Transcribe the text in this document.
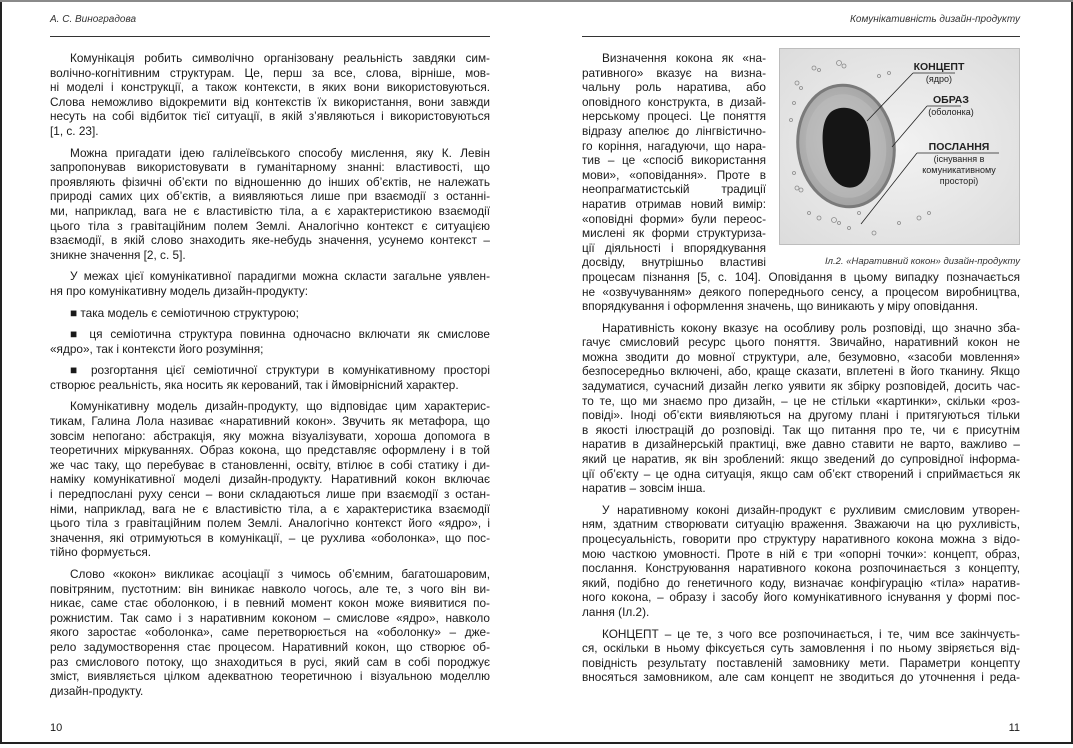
А. С. Виноградова
Комунікація робить символічно організовану реальність завдяки сим-
волічно-когнітивним структурам. Це, перш за все, слова, вірніше, мов-
ні моделі і конструкції, а також контексти, в яких вони використовуються.
Слова неможливо відокремити від контекстів їх використання, вони завжди
несуть на собі відбиток тієї ситуації, в якій з’являються і використовуються
[1, с. 23].
Можна пригадати ідею галілеївського способу мислення, яку К. Левін
запропонував використовувати в гуманітарному знанні: властивості, що
проявляють фізичні об’єкти по відношенню до інших об’єктів, не належать
природі самих цих об’єктів, а виявляються лише при взаємодії з останні-
ми, наприклад, вага не є властивістю тіла, а є характеристикою взаємодії
цього тіла з гравітаційним полем Землі. Аналогічно контекст є ситуацією
взаємодії, в якій слово знаходить яке-небудь значення, усунемо контекст –
зникне значення [2, с. 5].
У межах цієї комунікативної парадигми можна скласти загальне уявлен-
ня про комунікативну модель дизайн-продукту:
■ така модель є семіотичною структурою;
■ ця семіотична структура повинна одночасно включати як смислове
«ядро», так і контексти його розуміння;
■ розгортання цієї семіотичної структури в комунікативному просторі
створює реальність, яка носить як керований, так і ймовірнісний характер.
Комунікативну модель дизайн-продукту, що відповідає цим характерис-
тикам, Галина Лола називає «наративний кокон». Звучить як метафора, що
зовсім непогано: абстракція, яку можна візуалізувати, хороша допомога в
теоретичних міркуваннях. Образ кокона, що представляє оформлену і в той
же час таку, що перебуває в становленні, освіту, втілює в собі статику і ди-
наміку комунікативної моделі дизайн-продукту. Наративний кокон включає
і передпослані руху сенси – вони складаються лише при взаємодії з остан-
німи, наприклад, вага не є властивістю тіла, а є характеристика взаємодії
цього тіла з гравітаційним полем Землі. Аналогічно контекст його «ядро», і
значення, які отримуються в комунікації, – це рухлива «оболонка», що пос-
тійно формується.
Слово «кокон» викликає асоціації з чимось об’ємним, багатошаровим,
повітряним, пустотним: він виникає навколо чогось, але те, з чого він ви-
никає, саме стає оболонкою, і в певний момент кокон може виявитися по-
рожнистим. Так само і з наративним коконом – смислове «ядро», навколо
якого заростає «оболонка», саме перетворюється на «оболонку» – дже-
рело задумостворення стає процесом. Наративний кокон, що створює об-
раз смислового потоку, що знаходиться в русі, який сам в собі породжує
зміст, виявляється цілком адекватною теоретичною і візуальною моделлю
дизайн-продукту.
10
Комунікативність дизайн-продукту
КОНЦЕПТ
(ядро)
ОБРАЗ
(оболонка)
ПОСЛАННЯ
(існування в
комуникативному
просторі)
Іл.2. «Наративний кокон» дизайн-продукту
Визначення кокона як «на-
ративного» вказує на визна-
чальну роль наратива, або
оповідного конструкта, в дизай-
нерському процесі. Це поняття
відразу апелює до лінгвістично-
го коріння, нагадуючи, що нара-
тив – це «спосіб використання
мови», «оповідання». Проте в
неопрагматистській традиції
наратив отримав новий вимір:
«оповідні форми» були переос-
мислені як форми структуриза-
ції діяльності і впорядкування
досвіду, внутрішньо властиві
процесам пізнання [5, с. 104]. Оповідання в цьому випадку позначається
не «озвучуванням» деякого попереднього сенсу, а процесом виробництва,
впорядкування і оформлення значень, що виникають у міру оповідання.
Наративність кокону вказує на особливу роль розповіді, що значно зба-
гачує смисловий ресурс цього поняття. Звичайно, наративний кокон не
можна зводити до мовної структури, але, безумовно, «засоби мовлення»
безпосередньо включені, або, краще сказати, вплетені в його тканину. Якщо
задуматися, сучасний дизайн легко уявити як збірку розповідей, досить час-
то те, що ми знаємо про дизайн, – це не стільки «картинки», скільки «роз-
повіді». Іноді об’єкти виявляються на другому плані і притягуються тільки
в якості ілюстрацій до розповіді. Так що питання про те, чи є присутнім
наратив в дизайнерській практиці, вже давно ставити не варто, важливо –
який це наратив, як він зроблений: якщо зведений до супровідної інформа-
ції об’єкту – це одна ситуація, якщо сам об’єкт створений і сприймається як
наратив – зовсім інша.
У наративному коконі дизайн-продукт є рухливим смисловим утворен-
ням, здатним створювати ситуацію враження. Зважаючи на цю рухливість,
процесуальність, говорити про структуру наративного кокона можна з відо-
мою часткою умовності. Проте в ній є три «опорні точки»: концепт, образ,
послання. Конструювання наративного кокона розпочинається з концепту,
який, подібно до генетичного коду, визначає конфігурацію «тіла» наратив-
ного кокона, – образу і засобу його комунікативного існування у формі пос-
лання (Іл.2).
КОНЦЕПТ – це те, з чого все розпочинається, і те, чим все закінчуєть-
ся, оскільки в ньому фіксується суть замовлення і по ньому звіряється від-
повідність результату поставленій замовнику мети. Параметри концепту
вносяться замовником, але сам концепт не зводиться до уточнення і реда-
11
